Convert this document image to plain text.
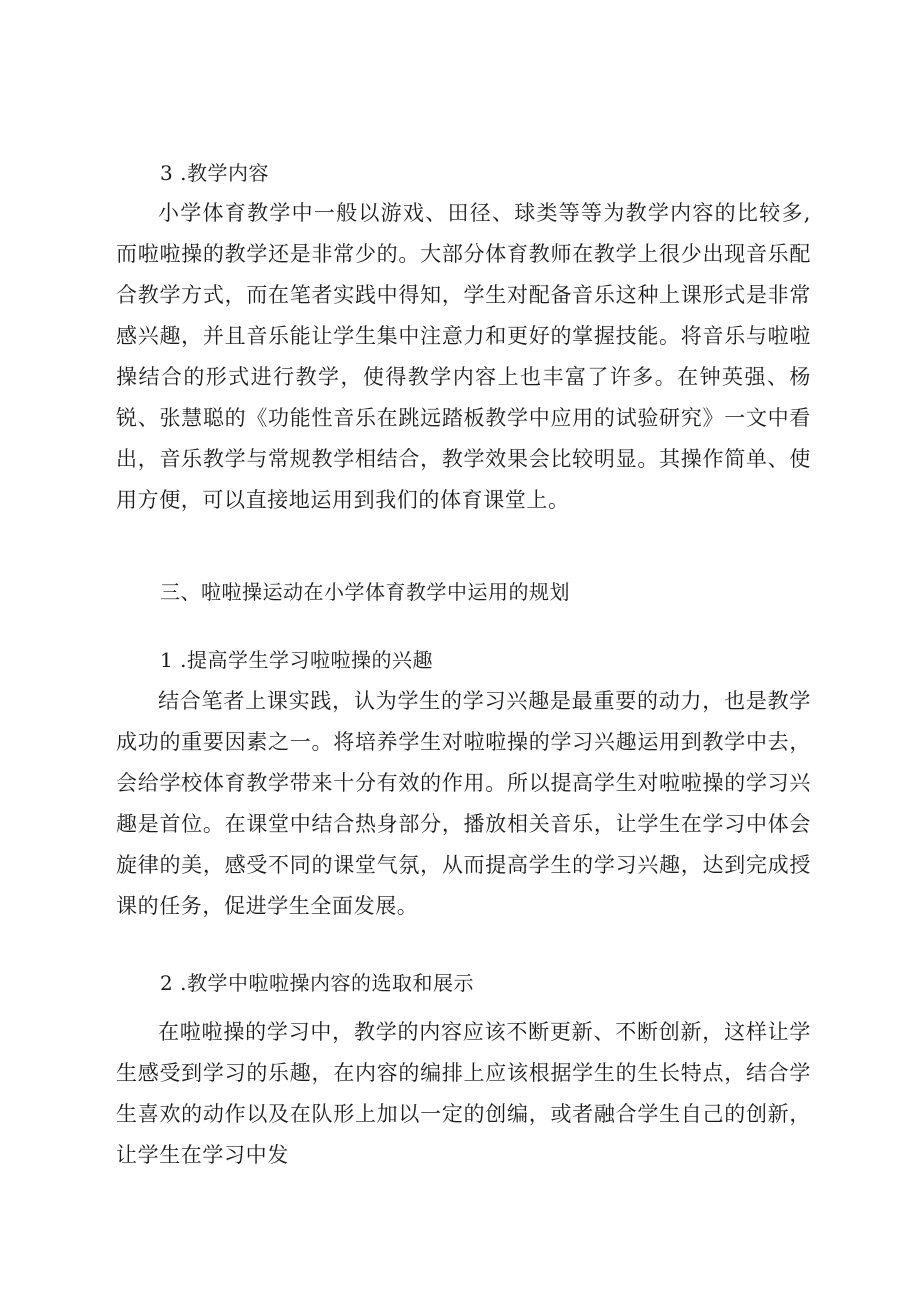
3 .教学内容
小学体育教学中一般以游戏、田径、球类等等为教学内容的比较多,而啦啦操的教学还是非常少的。大部分体育教师在教学上很少出现音乐配合教学方式，而在笔者实践中得知，学生对配备音乐这种上课形式是非常感兴趣，并且音乐能让学生集中注意力和更好的掌握技能。将音乐与啦啦操结合的形式进行教学，使得教学内容上也丰富了许多。在钟英强、杨锐、张慧聪的《功能性音乐在跳远踏板教学中应用的试验研究》一文中看出，音乐教学与常规教学相结合，教学效果会比较明显。其操作简单、使用方便，可以直接地运用到我们的体育课堂上。
三、啦啦操运动在小学体育教学中运用的规划
1 .提高学生学习啦啦操的兴趣
结合笔者上课实践，认为学生的学习兴趣是最重要的动力，也是教学成功的重要因素之一。将培养学生对啦啦操的学习兴趣运用到教学中去，会给学校体育教学带来十分有效的作用。所以提高学生对啦啦操的学习兴趣是首位。在课堂中结合热身部分，播放相关音乐，让学生在学习中体会旋律的美，感受不同的课堂气氛，从而提高学生的学习兴趣，达到完成授课的任务，促进学生全面发展。
2 .教学中啦啦操内容的选取和展示
在啦啦操的学习中，教学的内容应该不断更新、不断创新，这样让学生感受到学习的乐趣，在内容的编排上应该根据学生的生长特点，结合学生喜欢的动作以及在队形上加以一定的创编，或者融合学生自己的创新，让学生在学习中发
